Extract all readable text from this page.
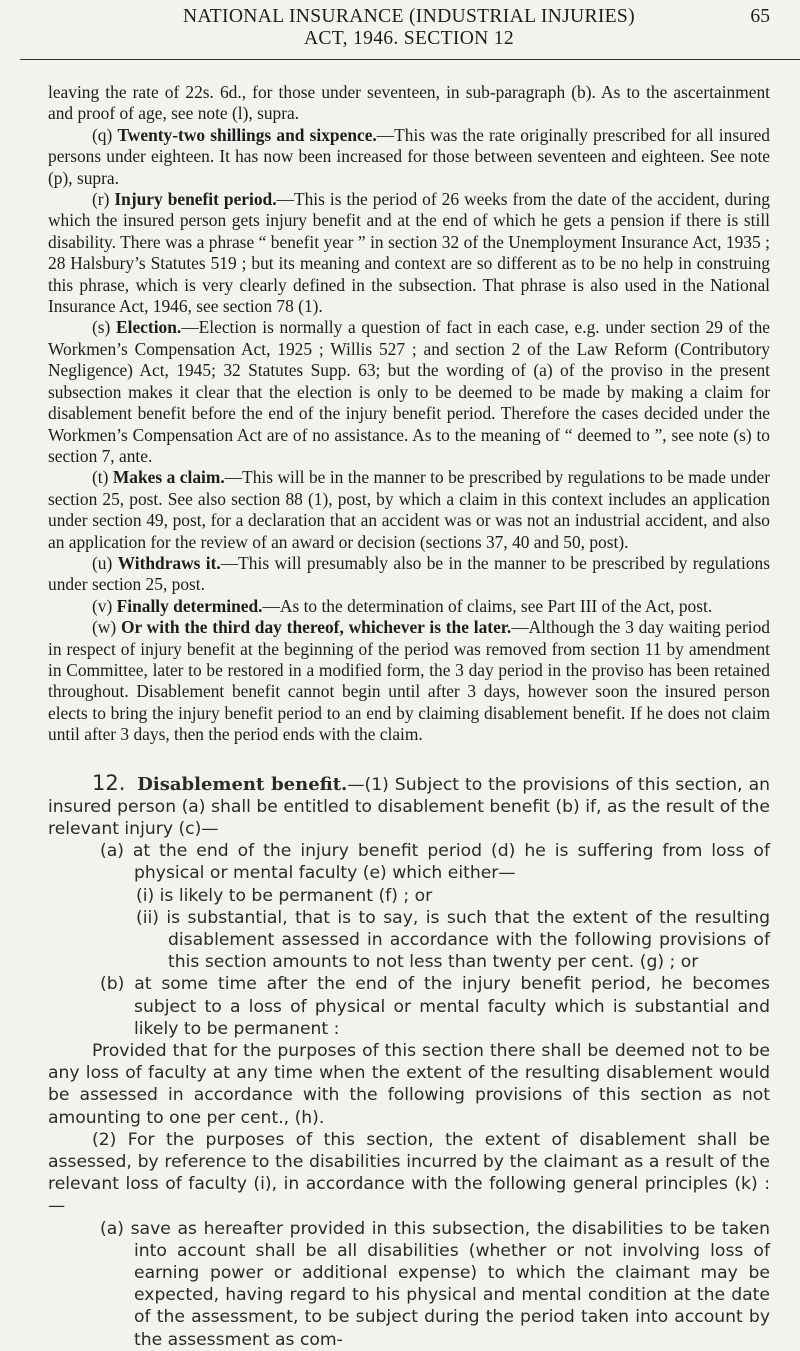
NATIONAL INSURANCE (INDUSTRIAL INJURIES)
ACT, 1946. SECTION 12
65

leaving the rate of 22s. 6d., for those under seventeen, in sub-paragraph (b). As to the ascertainment and proof of age, see note (l), supra.

(q) Twenty-two shillings and sixpence.—This was the rate originally prescribed for all insured persons under eighteen. It has now been increased for those between seventeen and eighteen. See note (p), supra.

(r) Injury benefit period.—This is the period of 26 weeks from the date of the accident, during which the insured person gets injury benefit and at the end of which he gets a pension if there is still disability. There was a phrase “ benefit year ” in section 32 of the Unemployment Insurance Act, 1935 ; 28 Halsbury’s Statutes 519 ; but its meaning and context are so different as to be no help in construing this phrase, which is very clearly defined in the subsection. That phrase is also used in the National Insurance Act, 1946, see section 78 (1).

(s) Election.—Election is normally a question of fact in each case, e.g. under section 29 of the Workmen’s Compensation Act, 1925 ; Willis 527 ; and section 2 of the Law Reform (Contributory Negligence) Act, 1945; 32 Statutes Supp. 63; but the wording of (a) of the proviso in the present subsection makes it clear that the election is only to be deemed to be made by making a claim for disablement benefit before the end of the injury benefit period. Therefore the cases decided under the Workmen’s Compensation Act are of no assistance. As to the meaning of “ deemed to ”, see note (s) to section 7, ante.

(t) Makes a claim.—This will be in the manner to be prescribed by regulations to be made under section 25, post. See also section 88 (1), post, by which a claim in this context includes an application under section 49, post, for a declaration that an accident was or was not an industrial accident, and also an application for the review of an award or decision (sections 37, 40 and 50, post).

(u) Withdraws it.—This will presumably also be in the manner to be prescribed by regulations under section 25, post.

(v) Finally determined.—As to the determination of claims, see Part III of the Act, post.

(w) Or with the third day thereof, whichever is the later.—Although the 3 day waiting period in respect of injury benefit at the beginning of the period was removed from section 11 by amendment in Committee, later to be restored in a modified form, the 3 day period in the proviso has been retained throughout. Disablement benefit cannot begin until after 3 days, however soon the insured person elects to bring the injury benefit period to an end by claiming disablement benefit. If he does not claim until after 3 days, then the period ends with the claim.

12. Disablement benefit.—(1) Subject to the provisions of this section, an insured person (a) shall be entitled to disablement benefit (b) if, as the result of the relevant injury (c)—

(a) at the end of the injury benefit period (d) he is suffering from loss of physical or mental faculty (e) which either—

(i) is likely to be permanent (f) ; or

(ii) is substantial, that is to say, is such that the extent of the resulting disablement assessed in accordance with the following provisions of this section amounts to not less than twenty per cent. (g) ; or

(b) at some time after the end of the injury benefit period, he becomes subject to a loss of physical or mental faculty which is substantial and likely to be permanent :

Provided that for the purposes of this section there shall be deemed not to be any loss of faculty at any time when the extent of the resulting disablement would be assessed in accordance with the following provisions of this section as not amounting to one per cent., (h).

(2) For the purposes of this section, the extent of disablement shall be assessed, by reference to the disabilities incurred by the claimant as a result of the relevant loss of faculty (i), in accordance with the following general principles (k) :—

(a) save as hereafter provided in this subsection, the disabilities to be taken into account shall be all disabilities (whether or not involving loss of earning power or additional expense) to which the claimant may be expected, having regard to his physical and mental condition at the date of the assessment, to be subject during the period taken into account by the assessment as com-
